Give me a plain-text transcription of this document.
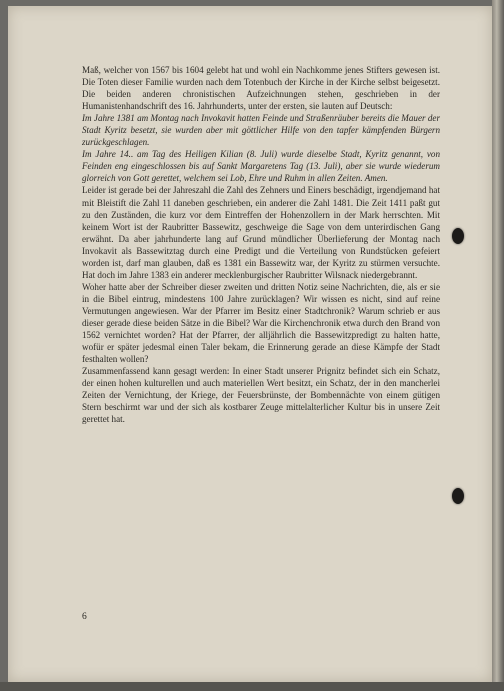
Maß, welcher von 1567 bis 1604 gelebt hat und wohl ein Nachkomme jenes Stifters gewesen ist. Die Toten dieser Familie wurden nach dem Totenbuch der Kirche in der Kirche selbst beigesetzt. Die beiden anderen chronistischen Aufzeichnungen stehen, geschrieben in der Humanistenhandschrift des 16. Jahrhunderts, unter der ersten, sie lauten auf Deutsch:

Im Jahre 1381 am Montag nach Invokavit hatten Feinde und Straßenräuber bereits die Mauer der Stadt Kyritz besetzt, sie wurden aber mit göttlicher Hilfe von den tapfer kämpfenden Bürgern zurückgeschlagen.

Im Jahre 14.. am Tag des Heiligen Kilian (8. Juli) wurde dieselbe Stadt, Kyritz genannt, von Feinden eng eingeschlossen bis auf Sankt Margaretens Tag (13. Juli), aber sie wurde wiederum glorreich von Gott gerettet, welchem sei Lob, Ehre und Ruhm in allen Zeiten. Amen.

Leider ist gerade bei der Jahreszahl die Zahl des Zehners und Einers beschädigt, irgendjemand hat mit Bleistift die Zahl 11 daneben geschrieben, ein anderer die Zahl 1481. Die Zeit 1411 paßt gut zu den Zuständen, die kurz vor dem Eintreffen der Hohenzollern in der Mark herrschten. Mit keinem Wort ist der Raubritter Bassewitz, geschweige die Sage von dem unterirdischen Gang erwähnt. Da aber jahrhunderte lang auf Grund mündlicher Überlieferung der Montag nach Invokavit als Bassewitztag durch eine Predigt und die Verteilung von Rundstücken gefeiert worden ist, darf man glauben, daß es 1381 ein Bassewitz war, der Kyritz zu stürmen versuchte. Hat doch im Jahre 1383 ein anderer mecklenburgischer Raubritter Wilsnack niedergebrannt.

Woher hatte aber der Schreiber dieser zweiten und dritten Notiz seine Nachrichten, die, als er sie in die Bibel eintrug, mindestens 100 Jahre zurücklagen? Wir wissen es nicht, sind auf reine Vermutungen angewiesen. War der Pfarrer im Besitz einer Stadtchronik? Warum schrieb er aus dieser gerade diese beiden Sätze in die Bibel? War die Kirchenchronik etwa durch den Brand von 1562 vernichtet worden? Hat der Pfarrer, der alljährlich die Bassewitzpredigt zu halten hatte, wofür er später jedesmal einen Taler bekam, die Erinnerung gerade an diese Kämpfe der Stadt festhalten wollen?

Zusammenfassend kann gesagt werden: In einer Stadt unserer Prignitz befindet sich ein Schatz, der einen hohen kulturellen und auch materiellen Wert besitzt, ein Schatz, der in den mancherlei Zeiten der Vernichtung, der Kriege, der Feuersbrünste, der Bombennächte von einem gütigen Stern beschirmt war und der sich als kostbarer Zeuge mittelalterlicher Kultur bis in unsere Zeit gerettet hat.

6
